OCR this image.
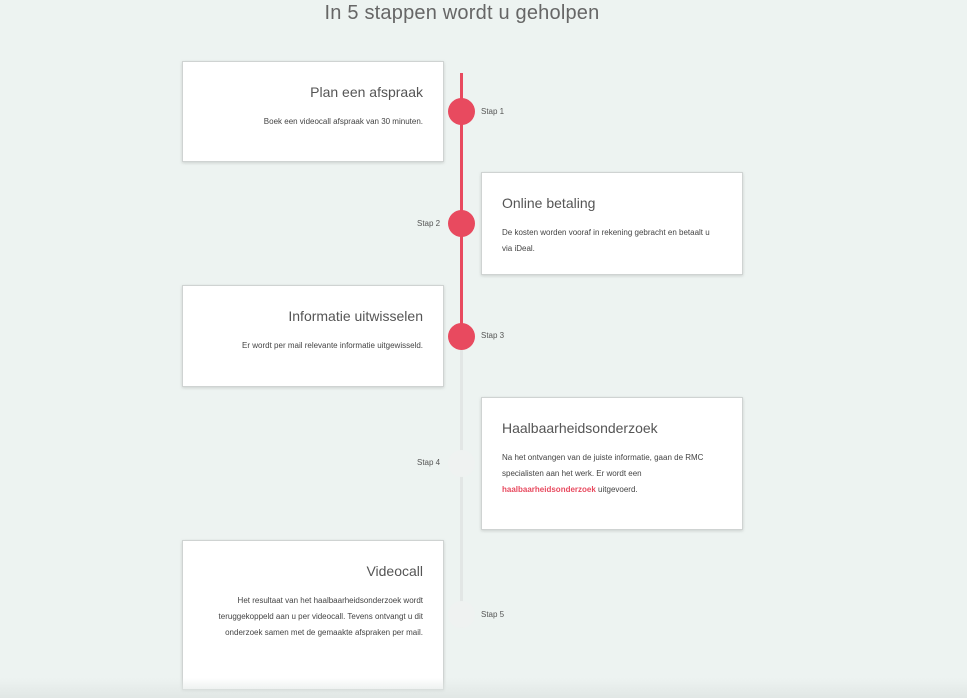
In 5 stappen wordt u geholpen
Plan een afspraak

Boek een videocall afspraak van 30 minuten.

Stap 1
Online betaling

De kosten worden vooraf in rekening gebracht en betaalt u via iDeal.

Stap 2
Informatie uitwisselen

Er wordt per mail relevante informatie uitgewisseld.

Stap 3
Haalbaarheidsonderzoek

Na het ontvangen van de juiste informatie, gaan de RMC specialisten aan het werk. Er wordt een haalbaarheidsonderzoek uitgevoerd.

Stap 4
Videocall

Het resultaat van het haalbaarheidsonderzoek wordt teruggekoppeld aan u per videocall. Tevens ontvangt u dit onderzoek samen met de gemaakte afspraken per mail.

Stap 5
